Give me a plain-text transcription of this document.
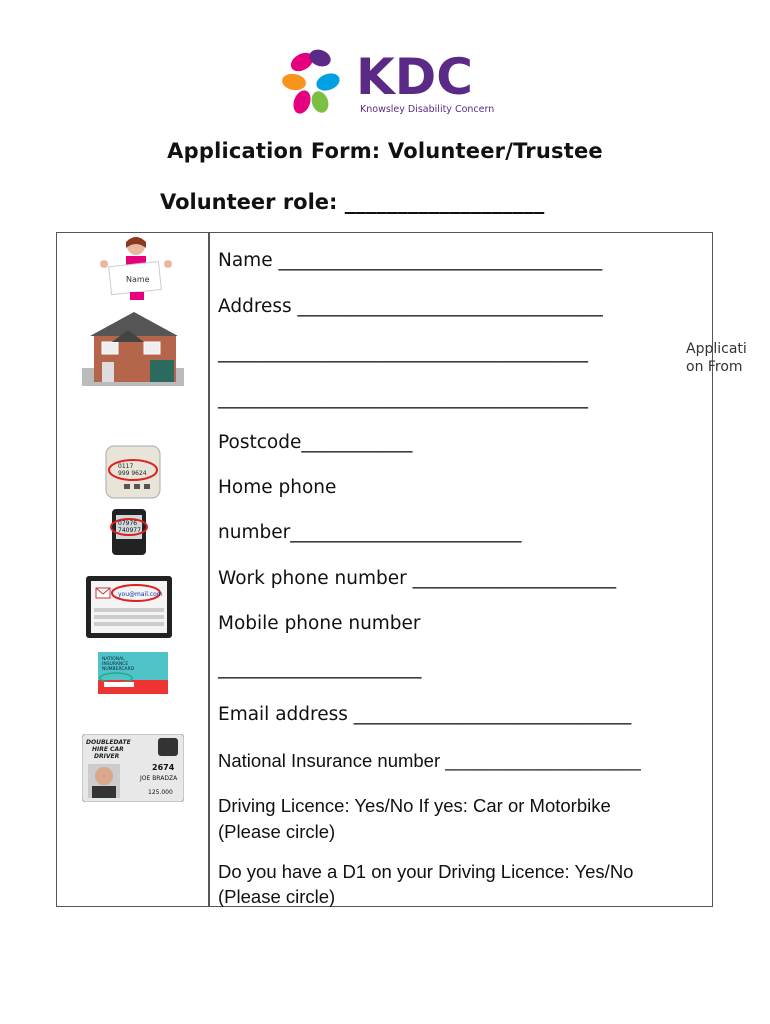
KDC
Knowsley Disability Concern
Application Form: Volunteer/Trustee
Volunteer role: ___________________
Name
0117
999 9624
07976
740977
you@mail.com
NATIONAL
INSURANCE
NUMBERCARD
DOUBLEDATE
HIRE CAR
DRIVER
2674
JOE BRADZA
125.000
Name ___________________________________
Address _________________________________
________________________________________
________________________________________
Postcode____________
Home phone
number_________________________
Work phone number ______________________
Mobile phone number
______________________
Email address ______________________________
National Insurance number ___________________
Driving Licence: Yes/No If yes: Car or Motorbike
(Please circle)
Do you have a D1 on your Driving Licence: Yes/No
(Please circle)
Applicati
on From
